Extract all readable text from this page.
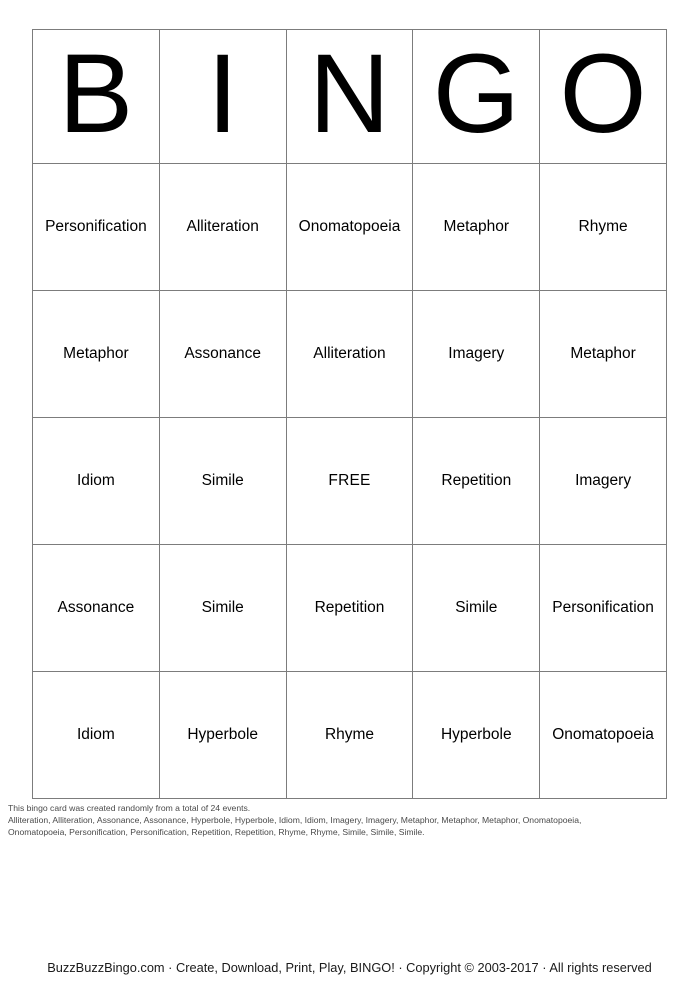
B	I	N	G	O

Personification	Alliteration	Onomatopoeia	Metaphor	Rhyme

Metaphor	Assonance	Alliteration	Imagery	Metaphor

Idiom	Simile	FREE	Repetition	Imagery

Assonance	Simile	Repetition	Simile	Personification

Idiom	Hyperbole	Rhyme	Hyperbole	Onomatopoeia
This bingo card was created randomly from a total of 24 events.
Alliteration, Alliteration, Assonance, Assonance, Hyperbole, Hyperbole, Idiom, Idiom, Imagery, Imagery, Metaphor, Metaphor, Metaphor, Onomatopoeia,
Onomatopoeia, Personification, Personification, Repetition, Repetition, Rhyme, Rhyme, Simile, Simile, Simile.
BuzzBuzzBingo.com · Create, Download, Print, Play, BINGO! · Copyright © 2003-2017 · All rights reserved
